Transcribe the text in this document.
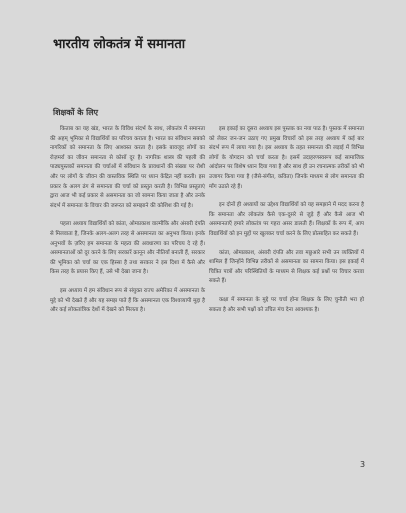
भारतीय लोकतंत्र में समानता
शिक्षकों के लिए

किताब का यह खंड, भारत के विविध संदर्भ के साथ, लोकतंत्र में समानता की अहम् भूमिका से विद्यार्थियों का परिचय कराता है। भारत का संविधान सबको नागरिकों को समानता के लिए आश्वस्त करता है। इसके बावजूद लोगों का रोज़मर्रा का जीवन समानता से कोसों दूर है। नागरिक शास्त्र की पहली की पाठ्यपुस्तकों समानता की चर्चाओं में संविधान के प्रावधानों की संख्या पर रोशी और पर लोगों के जीवन की वास्तविक स्थिति पर ध्यान केंद्रित नहीं करती। इस प्रकार के अलग ढंग से समानता की चर्चा को प्रस्तुत करती है। विभिन्न प्रस्तुताएं द्वारा आज भी कई प्रकार से असमानता का जो सामना किया जाता है और उनके संदर्भ में समानता के विचार की जरूरत को समझाने की कोशिश की गई है।

पहला अध्याय विद्यार्थियों को कांता, ओमप्रकाश वाल्मीकि और अंसारी दंपति से मिलवाता है, जिनके अलग-अलग तरह से असमानता का अनुभव किया। इनके अनुभवों के ज़रिए हम समानता के महत्व की अवधारणा का परिचय दे रहे हैं। असमानताओं को दूर करने के लिए सरकारें क़ानून और नीतियाँ बनाती हैं, सरकार की भूमिका को चर्चा का एक हिस्सा है तथा सरकार ने इस दिशा में कैसे और किस तरह के प्रयास किए हैं, उसे भी देखा जाना है।

इस अध्याय में हम संविधान रूप से संयुक्त राज्य अमेरिका में असमानता के मुद्दे को भी देखते हैं और यह समझ पाते हैं कि असमानता एक विश्वव्यापी मुद्दा है और कई लोकतांत्रिक देशों में देखने को मिलता है।

इस इकाई का दूसरा अध्याय इस पुस्तक का नया पाठ है। पुस्तक में समानता को लेकर जन-जन उठाए गए प्रमुख विचारों को इस तरह अध्याय में कई बार संदर्भ रूप में लाया गया है। इस अध्याय के तहत समानता की लड़ाई में विभिन्न लोगों के योगदान को चर्चा करता है। इसमें उदाहरणस्वरूप कई सामाजिक आंदोलन पर विशेष ध्यान दिया गया है और साथ ही उन रचनात्मक तरीकों को भी उजागर किया गया है (जैसे-संगीत, कविता) जिनके माध्यम से लोग समानता की माँग उठाते रहे हैं।

इन दोनों ही अध्यायों का उद्देश्य विद्यार्थियों को यह समझाने में मदद करना है कि समानता और लोकतंत्र कैसे एक-दूसरे से जुड़े हैं और कैसे आज भी असमानताएँ हमारे लोकतंत्र पर गहरा असर डालती हैं। शिक्षकों के रूप में, आप विद्यार्थियों को इन मुद्दों पर खुलकर चर्चा करने के लिए प्रोत्साहित कर सकते हैं।

कांता, ओमप्रकाश, अंसारी दंपति और तवा मछुआरे सभी उन व्यक्तियों में शामिल हैं जिन्होंने विभिन्न तरीकों से असमानता का सामना किया। इस इकाई में चित्रित पात्रों और परिस्थितियों के माध्यम से शिक्षक कई प्रश्नों पर विचार करवा सकते हैं।

कक्षा में समानता के मुद्दे पर चर्चा होना शिक्षक के लिए चुनौती भरा हो सकता है और सभी पक्षों को उचित मंच देना आवश्यक है।

3
